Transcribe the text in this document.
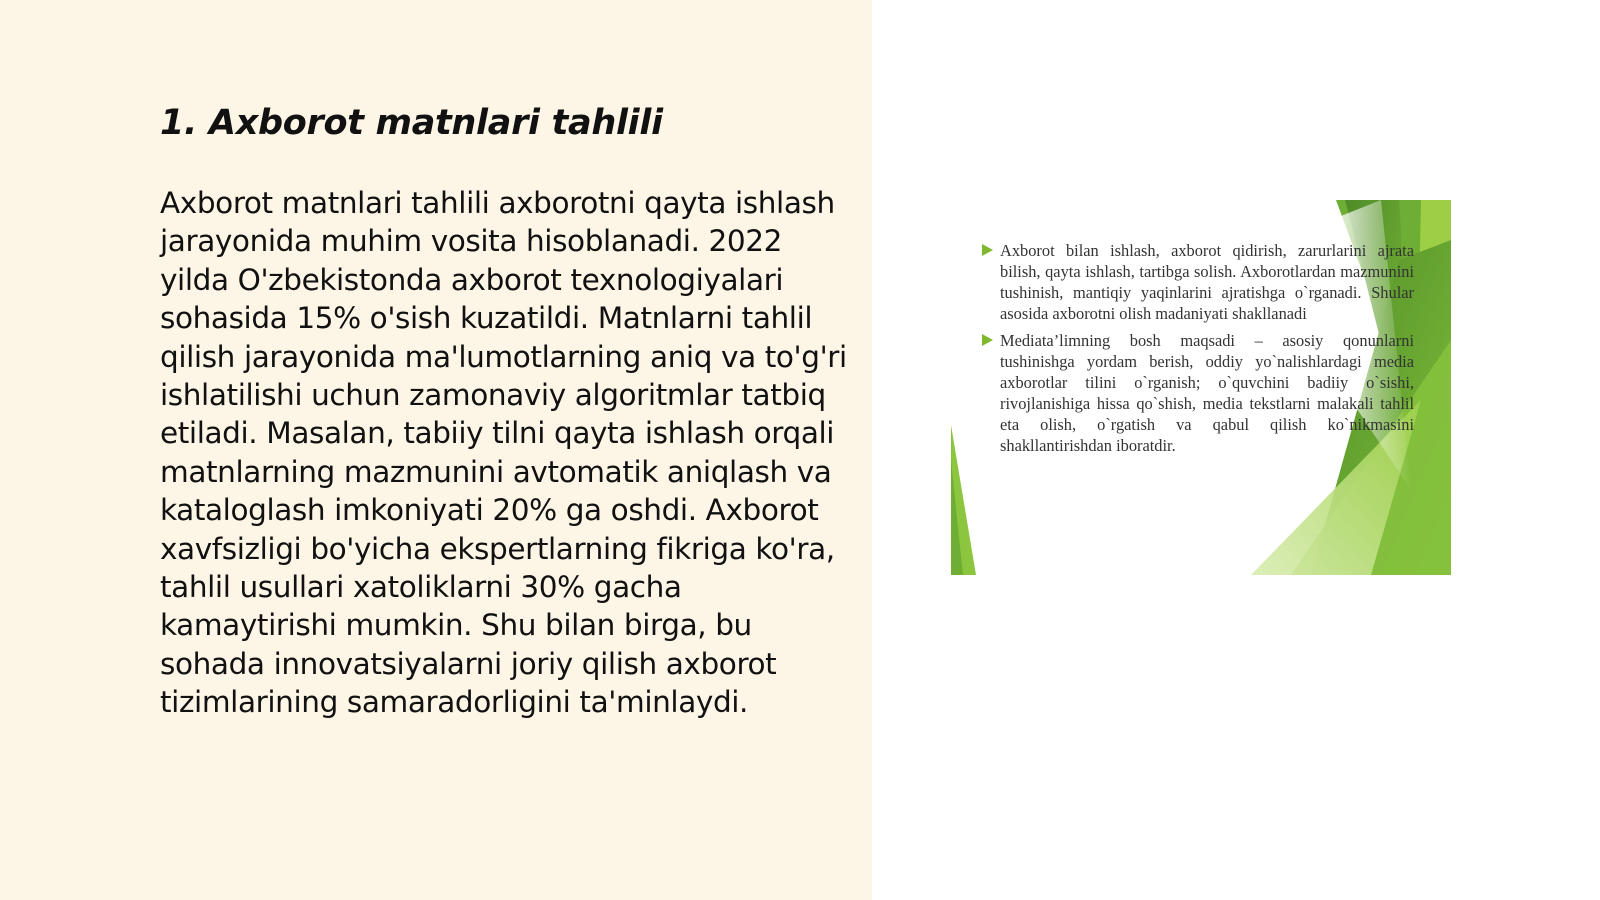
1. Axborot matnlari tahlili

Axborot matnlari tahlili axborotni qayta ishlash jarayonida muhim vosita hisoblanadi. 2022 yilda O'zbekistonda axborot texnologiyalari sohasida 15% o'sish kuzatildi. Matnlarni tahlil qilish jarayonida ma'lumotlarning aniq va to'g'ri ishlatilishi uchun zamonaviy algoritmlar tatbiq etiladi. Masalan, tabiiy tilni qayta ishlash orqali matnlarning mazmunini avtomatik aniqlash va kataloglash imkoniyati 20% ga oshdi. Axborot xavfsizligi bo'yicha ekspertlarning fikriga ko'ra, tahlil usullari xatoliklarni 30% gacha kamaytirishi mumkin. Shu bilan birga, bu sohada innovatsiyalarni joriy qilish axborot tizimlarining samaradorligini ta'minlaydi.

Axborot bilan ishlash, axborot qidirish, zarurlarini ajrata bilish, qayta ishlash, tartibga solish. Axborotlardan mazmunini tushinish, mantiqiy yaqinlarini ajratishga o`rganadi. Shular asosida axborotni olish madaniyati shakllanadi
Mediata’limning bosh maqsadi – asosiy qonunlarni tushinishga yordam berish, oddiy yo`nalishlardagi media axborotlar tilini o`rganish; o`quvchini badiiy o`sishi, rivojlanishiga hissa qo`shish, media tekstlarni malakali tahlil eta olish, o`rgatish va qabul qilish ko`nikmasini shakllantirishdan iboratdir.
